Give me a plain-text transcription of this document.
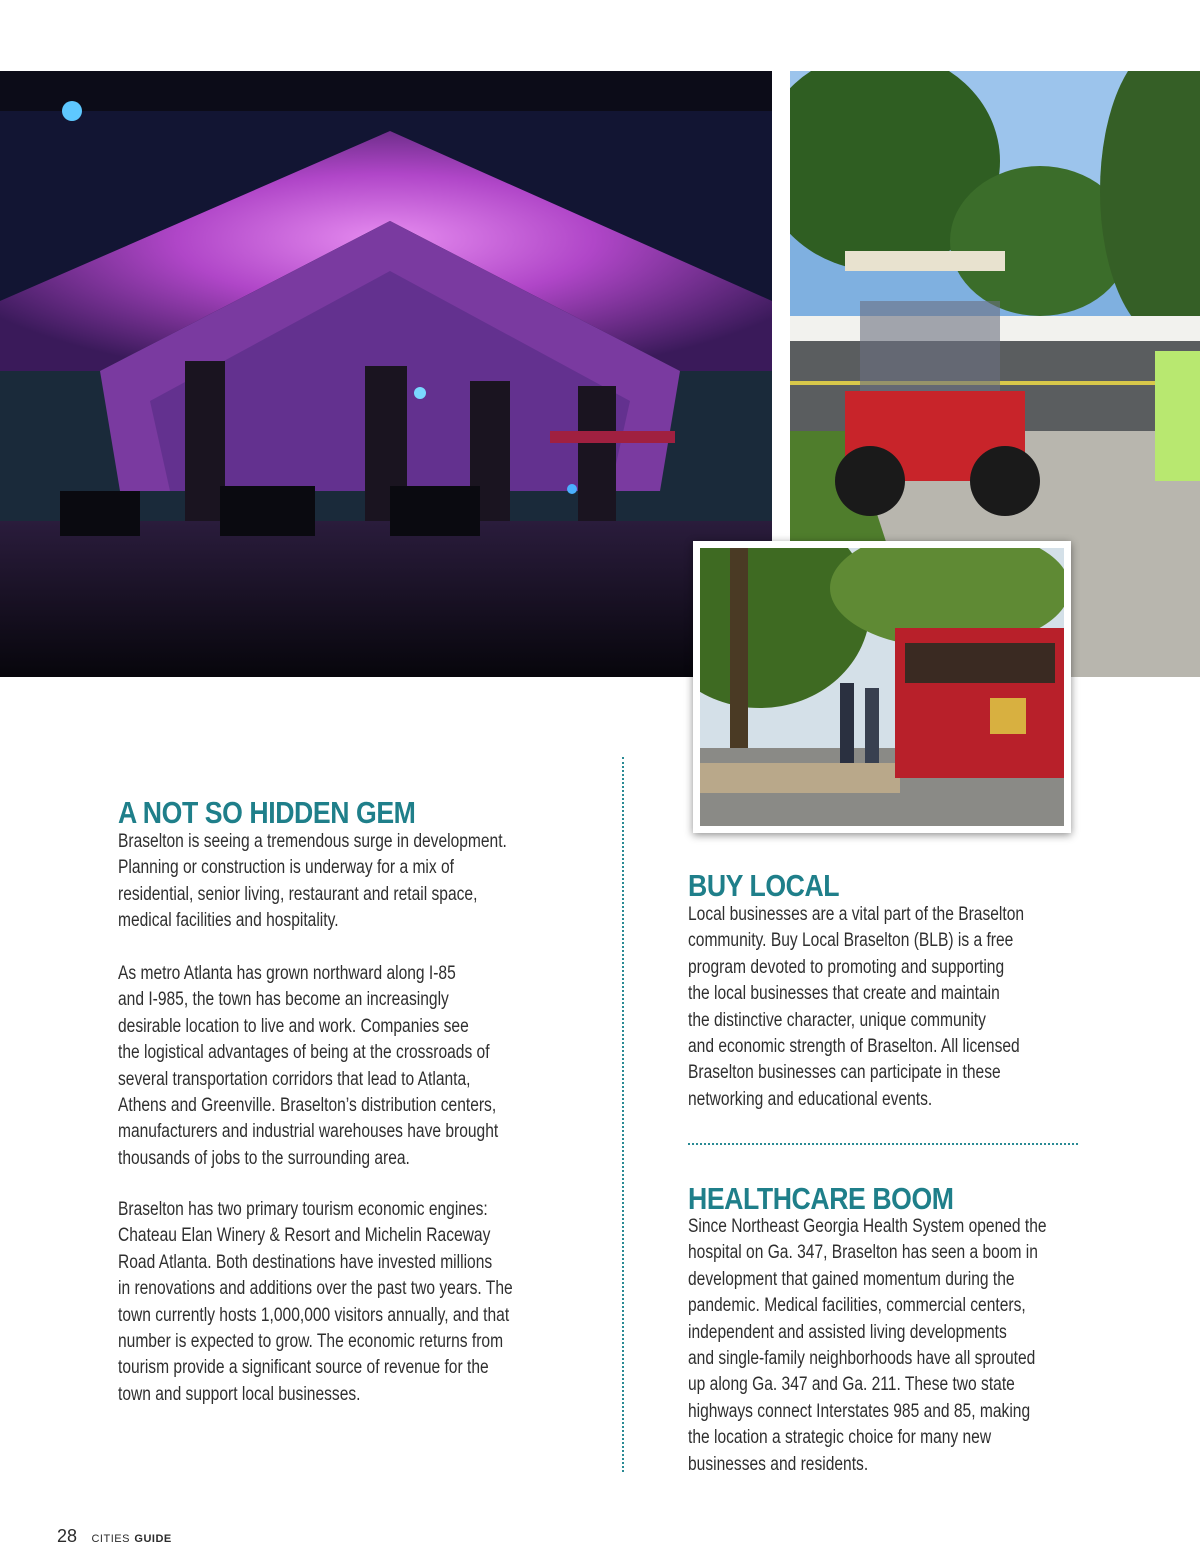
A NOT SO HIDDEN GEM
Braselton is seeing a tremendous surge in development.
Planning or construction is underway for a mix of
residential, senior living, restaurant and retail space,
medical facilities and hospitality.
As metro Atlanta has grown northward along I-85
and I-985, the town has become an increasingly
desirable location to live and work. Companies see
the logistical advantages of being at the crossroads of
several transportation corridors that lead to Atlanta,
Athens and Greenville. Braselton’s distribution centers,
manufacturers and industrial warehouses have brought
thousands of jobs to the surrounding area.
Braselton has two primary tourism economic engines:
Chateau Elan Winery & Resort and Michelin Raceway
Road Atlanta. Both destinations have invested millions
in renovations and additions over the past two years. The
town currently hosts 1,000,000 visitors annually, and that
number is expected to grow. The economic returns from
tourism provide a significant source of revenue for the
town and support local businesses.
BUY LOCAL
Local businesses are a vital part of the Braselton
community. Buy Local Braselton (BLB) is a free
program devoted to promoting and supporting
the local businesses that create and maintain
the distinctive character, unique community
and economic strength of Braselton. All licensed
Braselton businesses can participate in these
networking and educational events.
HEALTHCARE BOOM
Since Northeast Georgia Health System opened the
hospital on Ga. 347, Braselton has seen a boom in
development that gained momentum during the
pandemic. Medical facilities, commercial centers,
independent and assisted living developments
and single-family neighborhoods have all sprouted
up along Ga. 347 and Ga. 211. These two state
highways connect Interstates 985 and 85, making
the location a strategic choice for many new
businesses and residents.
28 CITIES GUIDE
